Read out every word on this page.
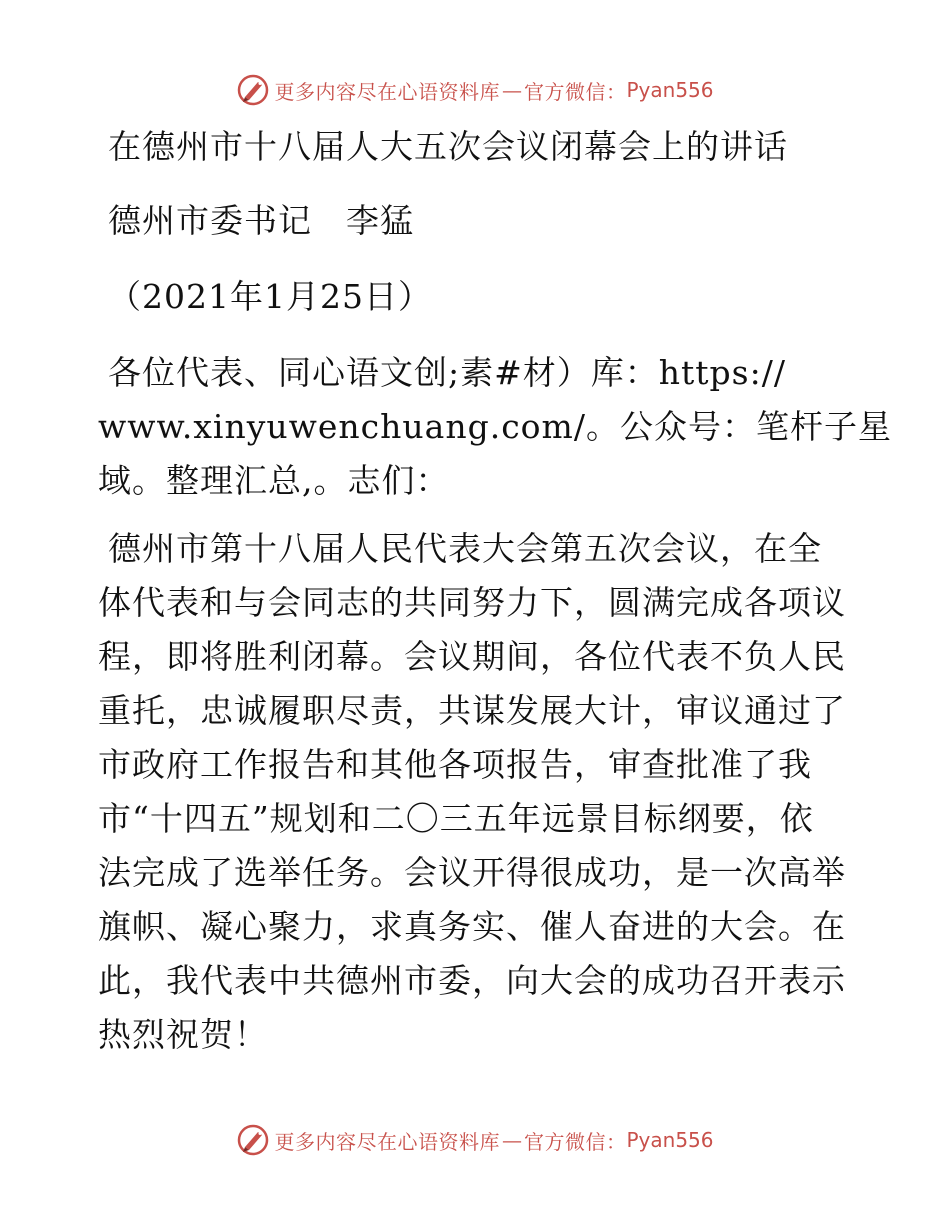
更多内容尽在心语资料库 — 官方微信： Pyan556

在德州市十八届人大五次会议闭幕会上的讲话

德州市委书记　李猛

（2021年1月25日）

各位代表、同心语文创;素#材）库：https://

www.xinyuwenchuang.com/。公众号：笔杆子星

域。整理汇总,。志们：

德州市第十八届人民代表大会第五次会议，在全

体代表和与会同志的共同努力下，圆满完成各项议

程，即将胜利闭幕。会议期间，各位代表不负人民

重托，忠诚履职尽责，共谋发展大计，审议通过了

市政府工作报告和其他各项报告，审查批准了我

市“十四五”规划和二〇三五年远景目标纲要，依

法完成了选举任务。会议开得很成功，是一次高举

旗帜、凝心聚力，求真务实、催人奋进的大会。在

此，我代表中共德州市委，向大会的成功召开表示

热烈祝贺！

更多内容尽在心语资料库 — 官方微信： Pyan556
